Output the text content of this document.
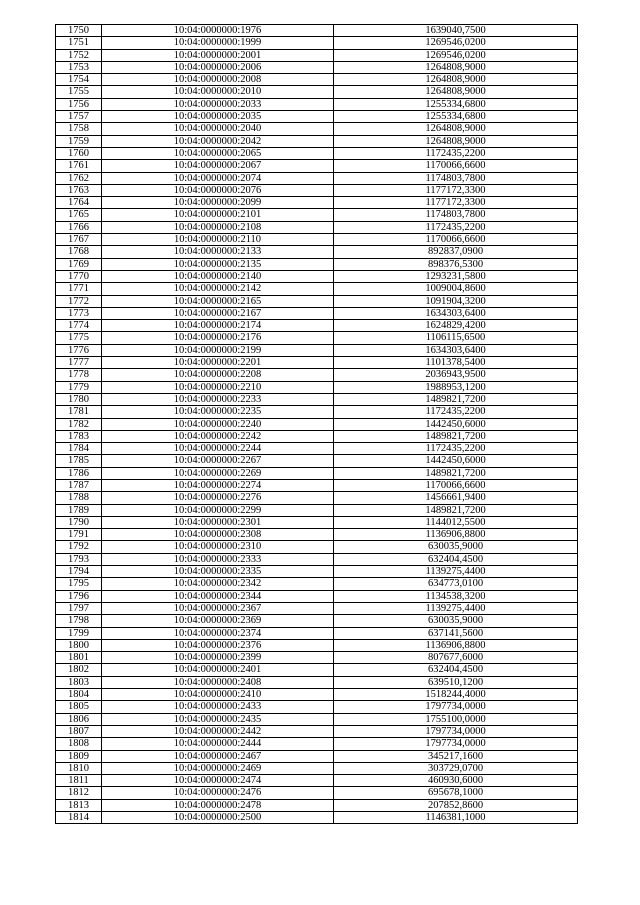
1750	10:04:0000000:1976	1639040,7500
1751	10:04:0000000:1999	1269546,0200
1752	10:04:0000000:2001	1269546,0200
1753	10:04:0000000:2006	1264808,9000
1754	10:04:0000000:2008	1264808,9000
1755	10:04:0000000:2010	1264808,9000
1756	10:04:0000000:2033	1255334,6800
1757	10:04:0000000:2035	1255334,6800
1758	10:04:0000000:2040	1264808,9000
1759	10:04:0000000:2042	1264808,9000
1760	10:04:0000000:2065	1172435,2200
1761	10:04:0000000:2067	1170066,6600
1762	10:04:0000000:2074	1174803,7800
1763	10:04:0000000:2076	1177172,3300
1764	10:04:0000000:2099	1177172,3300
1765	10:04:0000000:2101	1174803,7800
1766	10:04:0000000:2108	1172435,2200
1767	10:04:0000000:2110	1170066,6600
1768	10:04:0000000:2133	892837,0900
1769	10:04:0000000:2135	898376,5300
1770	10:04:0000000:2140	1293231,5800
1771	10:04:0000000:2142	1009004,8600
1772	10:04:0000000:2165	1091904,3200
1773	10:04:0000000:2167	1634303,6400
1774	10:04:0000000:2174	1624829,4200
1775	10:04:0000000:2176	1106115,6500
1776	10:04:0000000:2199	1634303,6400
1777	10:04:0000000:2201	1101378,5400
1778	10:04:0000000:2208	2036943,9500
1779	10:04:0000000:2210	1988953,1200
1780	10:04:0000000:2233	1489821,7200
1781	10:04:0000000:2235	1172435,2200
1782	10:04:0000000:2240	1442450,6000
1783	10:04:0000000:2242	1489821,7200
1784	10:04:0000000:2244	1172435,2200
1785	10:04:0000000:2267	1442450,6000
1786	10:04:0000000:2269	1489821,7200
1787	10:04:0000000:2274	1170066,6600
1788	10:04:0000000:2276	1456661,9400
1789	10:04:0000000:2299	1489821,7200
1790	10:04:0000000:2301	1144012,5500
1791	10:04:0000000:2308	1136906,8800
1792	10:04:0000000:2310	630035,9000
1793	10:04:0000000:2333	632404,4500
1794	10:04:0000000:2335	1139275,4400
1795	10:04:0000000:2342	634773,0100
1796	10:04:0000000:2344	1134538,3200
1797	10:04:0000000:2367	1139275,4400
1798	10:04:0000000:2369	630035,9000
1799	10:04:0000000:2374	637141,5600
1800	10:04:0000000:2376	1136906,8800
1801	10:04:0000000:2399	807677,6000
1802	10:04:0000000:2401	632404,4500
1803	10:04:0000000:2408	639510,1200
1804	10:04:0000000:2410	1518244,4000
1805	10:04:0000000:2433	1797734,0000
1806	10:04:0000000:2435	1755100,0000
1807	10:04:0000000:2442	1797734,0000
1808	10:04:0000000:2444	1797734,0000
1809	10:04:0000000:2467	345217,1600
1810	10:04:0000000:2469	303729,0700
1811	10:04:0000000:2474	460930,6000
1812	10:04:0000000:2476	695678,1000
1813	10:04:0000000:2478	207852,8600
1814	10:04:0000000:2500	1146381,1000
